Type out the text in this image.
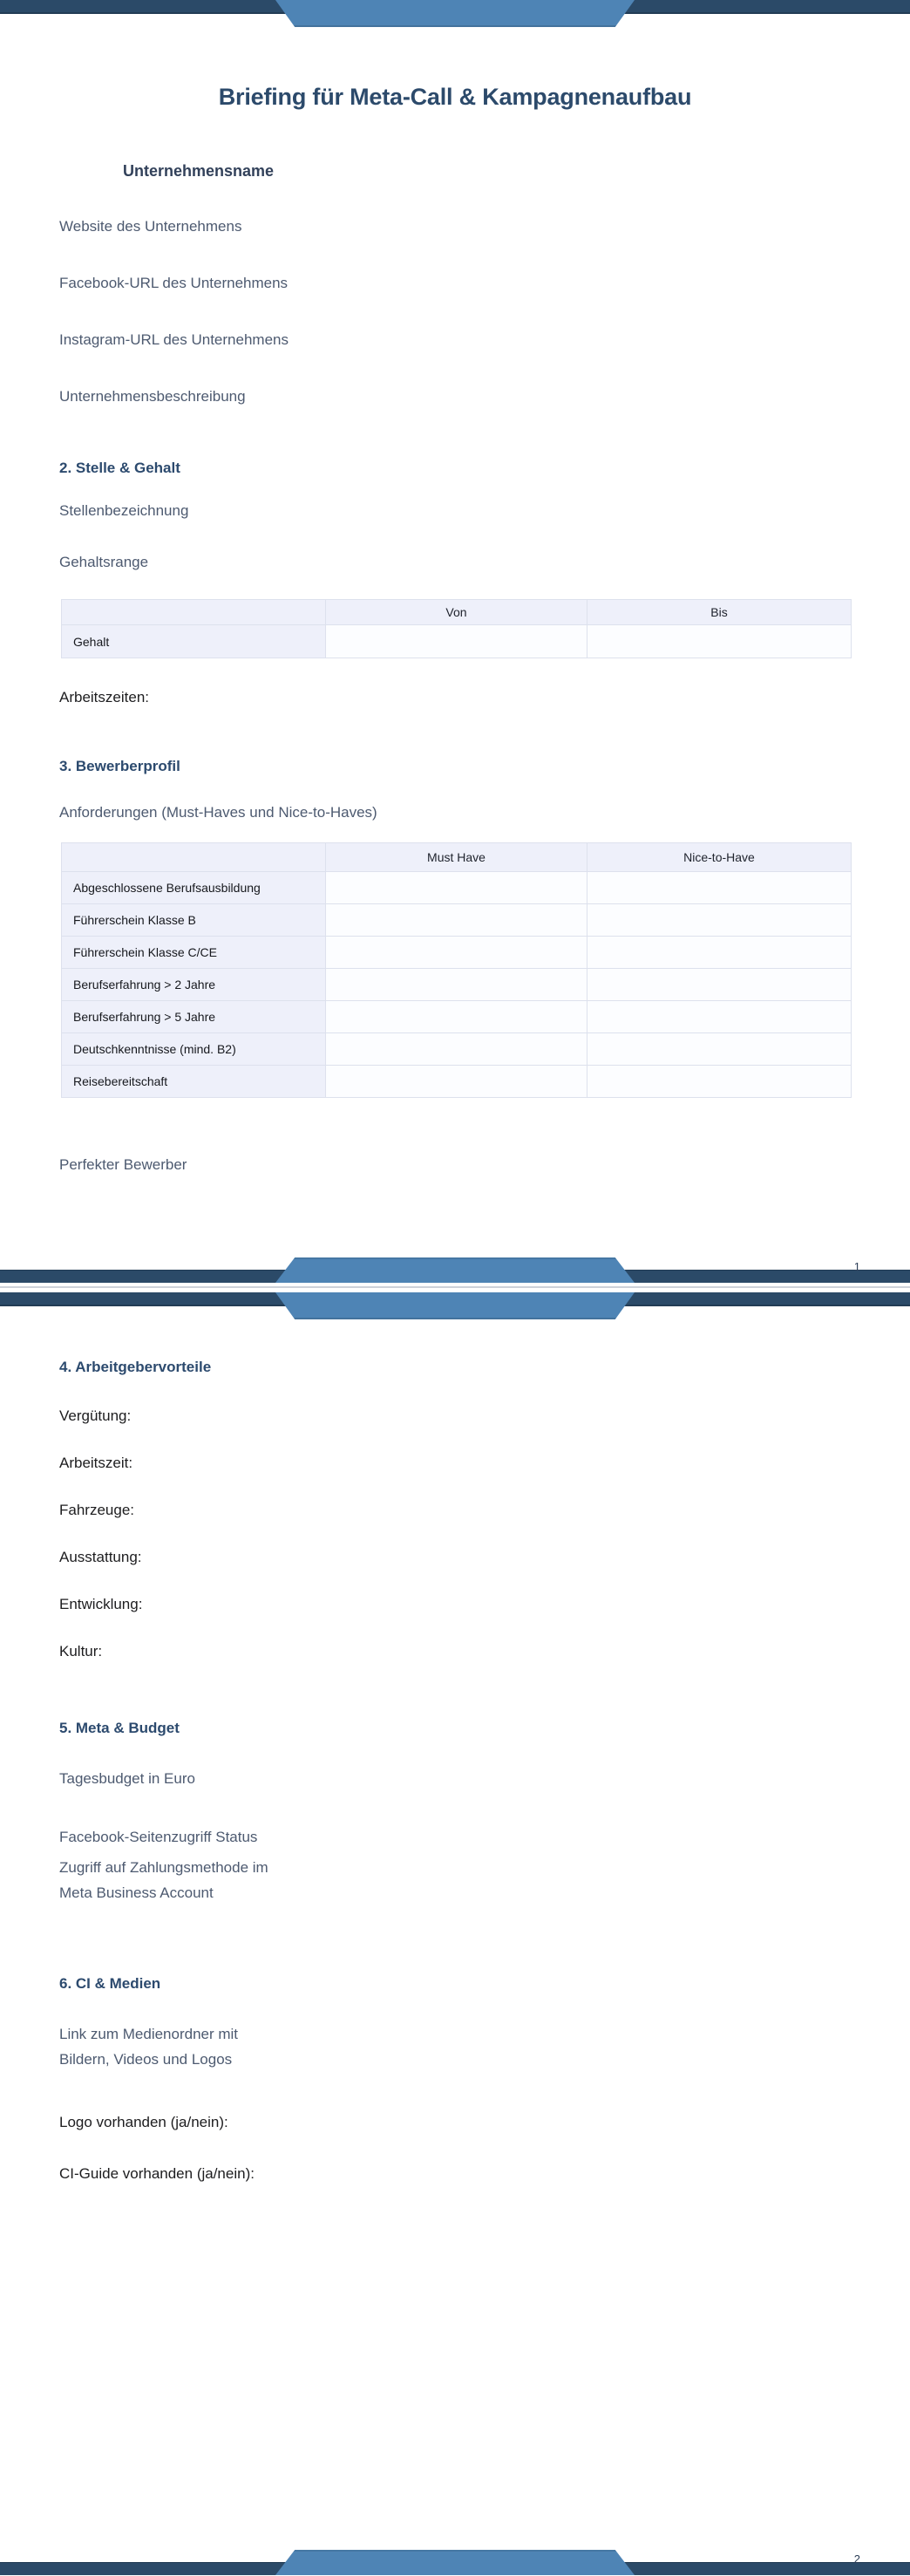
Briefing für Meta-Call & Kampagnenaufbau
Unternehmensname
Website des Unternehmens
Facebook-URL des Unternehmens
Instagram-URL des Unternehmens
Unternehmensbeschreibung
2. Stelle & Gehalt
Stellenbezeichnung
Gehaltsrange
	Von	Bis
Gehalt		
Arbeitszeiten:
3. Bewerberprofil
Anforderungen (Must-Haves und Nice-to-Haves)
	Must Have	Nice-to-Have
Abgeschlossene Berufsausbildung		
Führerschein Klasse B		
Führerschein Klasse C/CE		
Berufserfahrung > 2 Jahre		
Berufserfahrung > 5 Jahre		
Deutschkenntnisse (mind. B2)		
Reisebereitschaft		
Perfekter Bewerber
1
4. Arbeitgebervorteile
Vergütung:
Arbeitszeit:
Fahrzeuge:
Ausstattung:
Entwicklung:
Kultur:
5. Meta & Budget
Tagesbudget in Euro
Facebook-Seitenzugriff Status
Zugriff auf Zahlungsmethode im Meta Business Account
6. CI & Medien
Link zum Medienordner mit Bildern, Videos und Logos
Logo vorhanden (ja/nein):
CI-Guide vorhanden (ja/nein):
2
